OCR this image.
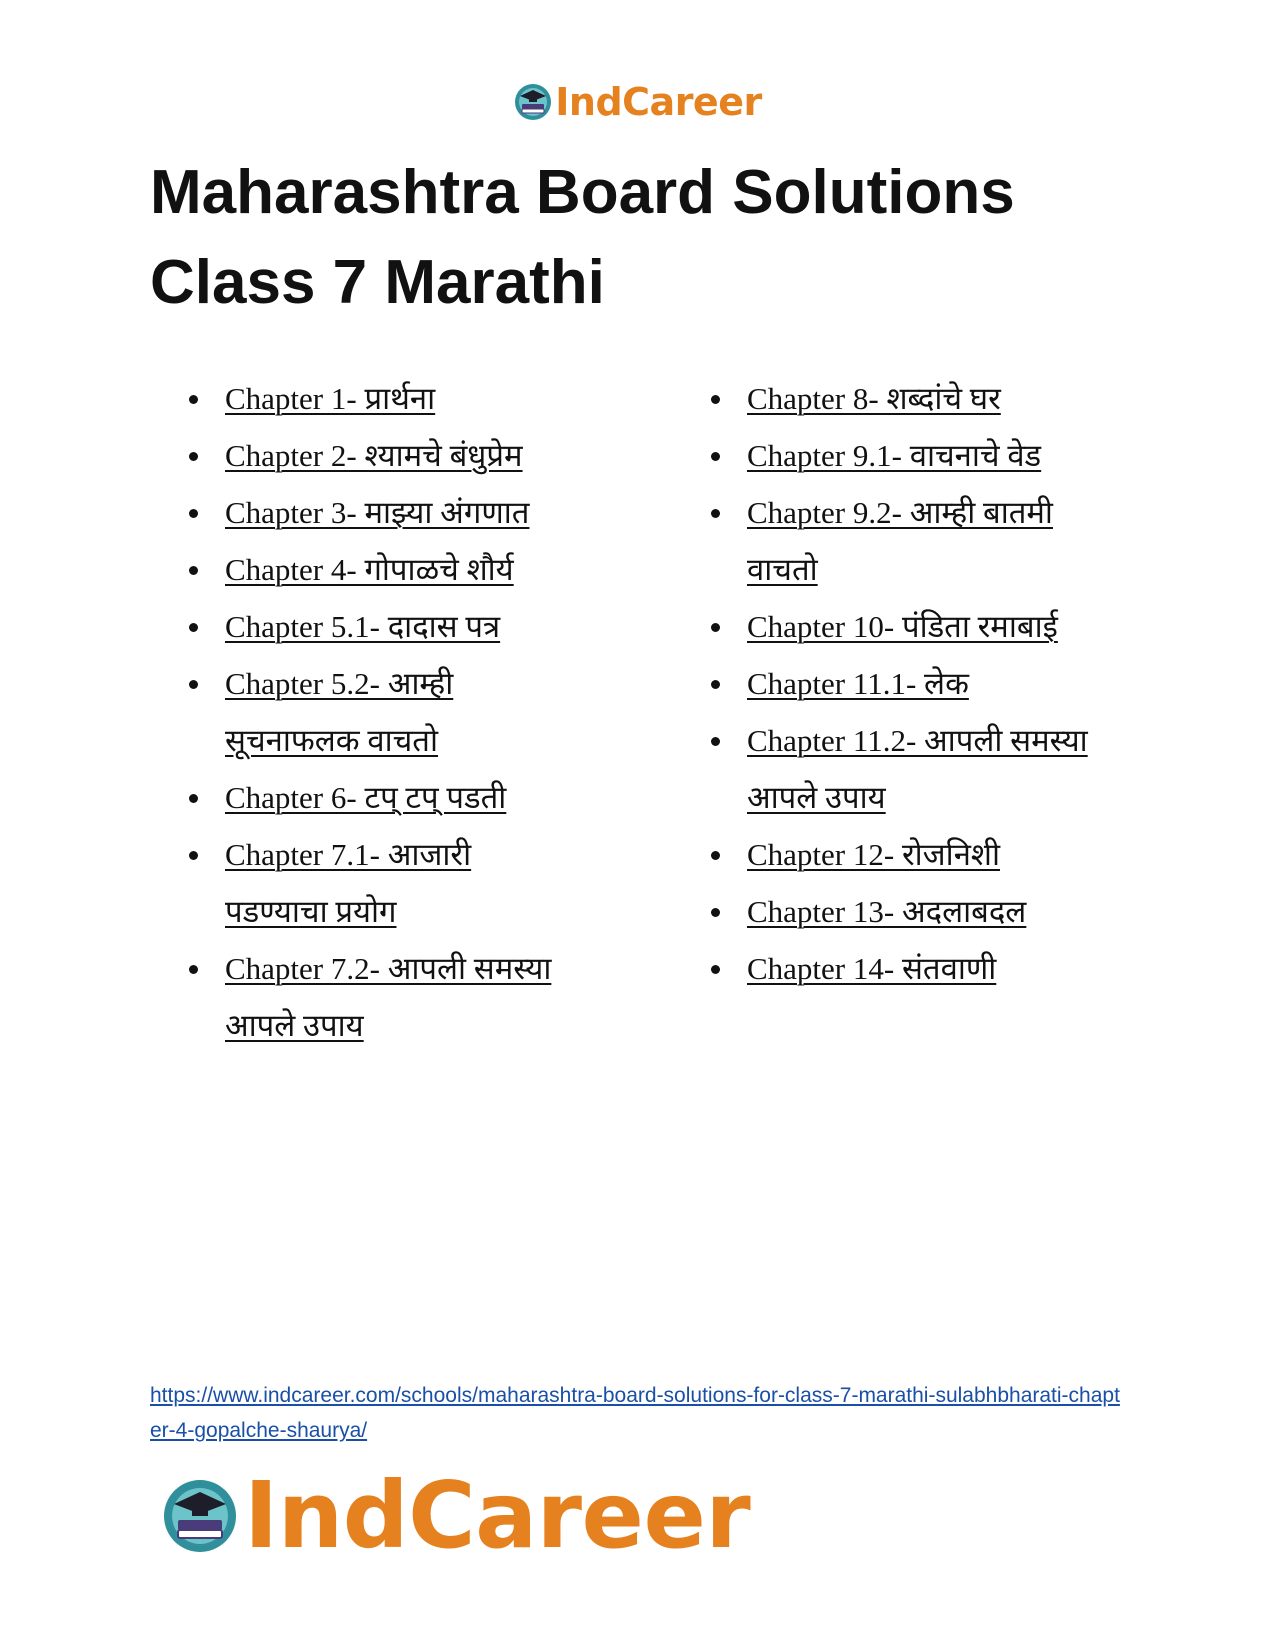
IndCareer
Maharashtra Board Solutions
Class 7 Marathi
Chapter 1- प्रार्थना
Chapter 2- श्यामचे बंधुप्रेम
Chapter 3- माझ्या अंगणात
Chapter 4- गोपाळचे शौर्य
Chapter 5.1- दादास पत्र
Chapter 5.2- आम्ही सूचनाफलक वाचतो
Chapter 6- टप् टप् पडती
Chapter 7.1- आजारी पडण्याचा प्रयोग
Chapter 7.2- आपली समस्या आपले उपाय
Chapter 8- शब्दांचे घर
Chapter 9.1- वाचनाचे वेड
Chapter 9.2- आम्ही बातमी वाचतो
Chapter 10- पंडिता रमाबाई
Chapter 11.1- लेक
Chapter 11.2- आपली समस्या आपले उपाय
Chapter 12- रोजनिशी
Chapter 13- अदलाबदल
Chapter 14- संतवाणी
https://www.indcareer.com/schools/maharashtra-board-solutions-for-class-7-marathi-sulabhbharati-chapter-4-gopalche-shaurya/
IndCareer
